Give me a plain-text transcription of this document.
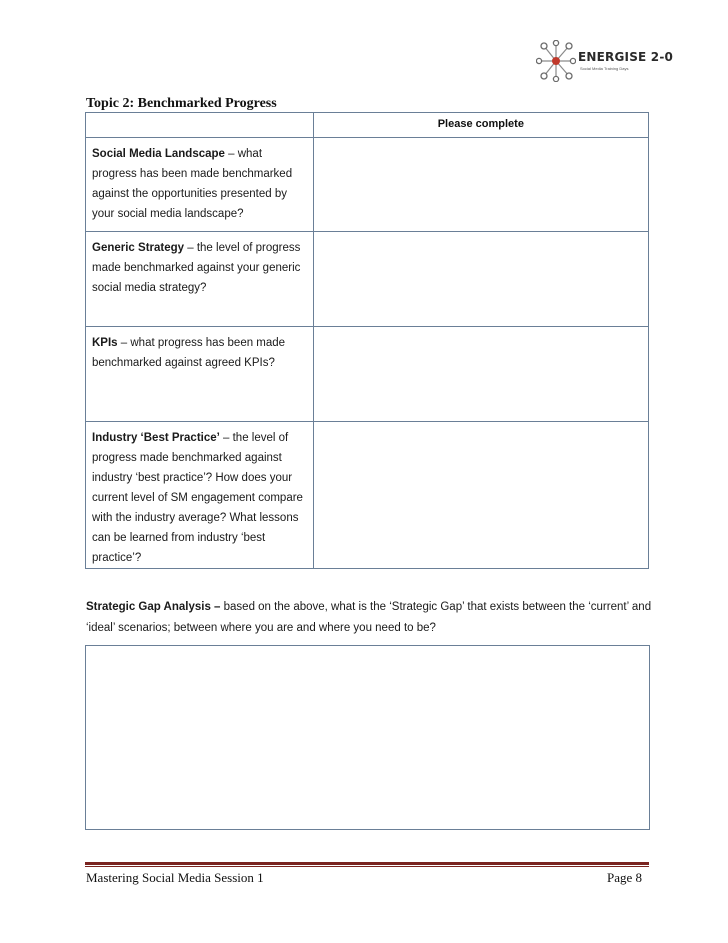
ENERGISE 2-0
Social Media Training Days
Topic 2: Benchmarked Progress

	Please complete

Social Media Landscape – what progress has been made benchmarked against the opportunities presented by your social media landscape?	
Generic Strategy – the level of progress made benchmarked against your generic social media strategy?	
KPIs – what progress has been made benchmarked against agreed KPIs?	
Industry ‘Best Practice’ – the level of progress made benchmarked against industry ‘best practice’? How does your current level of SM engagement compare with the industry average? What lessons can be learned from industry ‘best practice’?	
Strategic Gap Analysis – based on the above, what is the ‘Strategic Gap’ that exists between the ‘current’ and ‘ideal’ scenarios; between where you are and where you need to be?
Mastering Social Media Session 1	Page 8
